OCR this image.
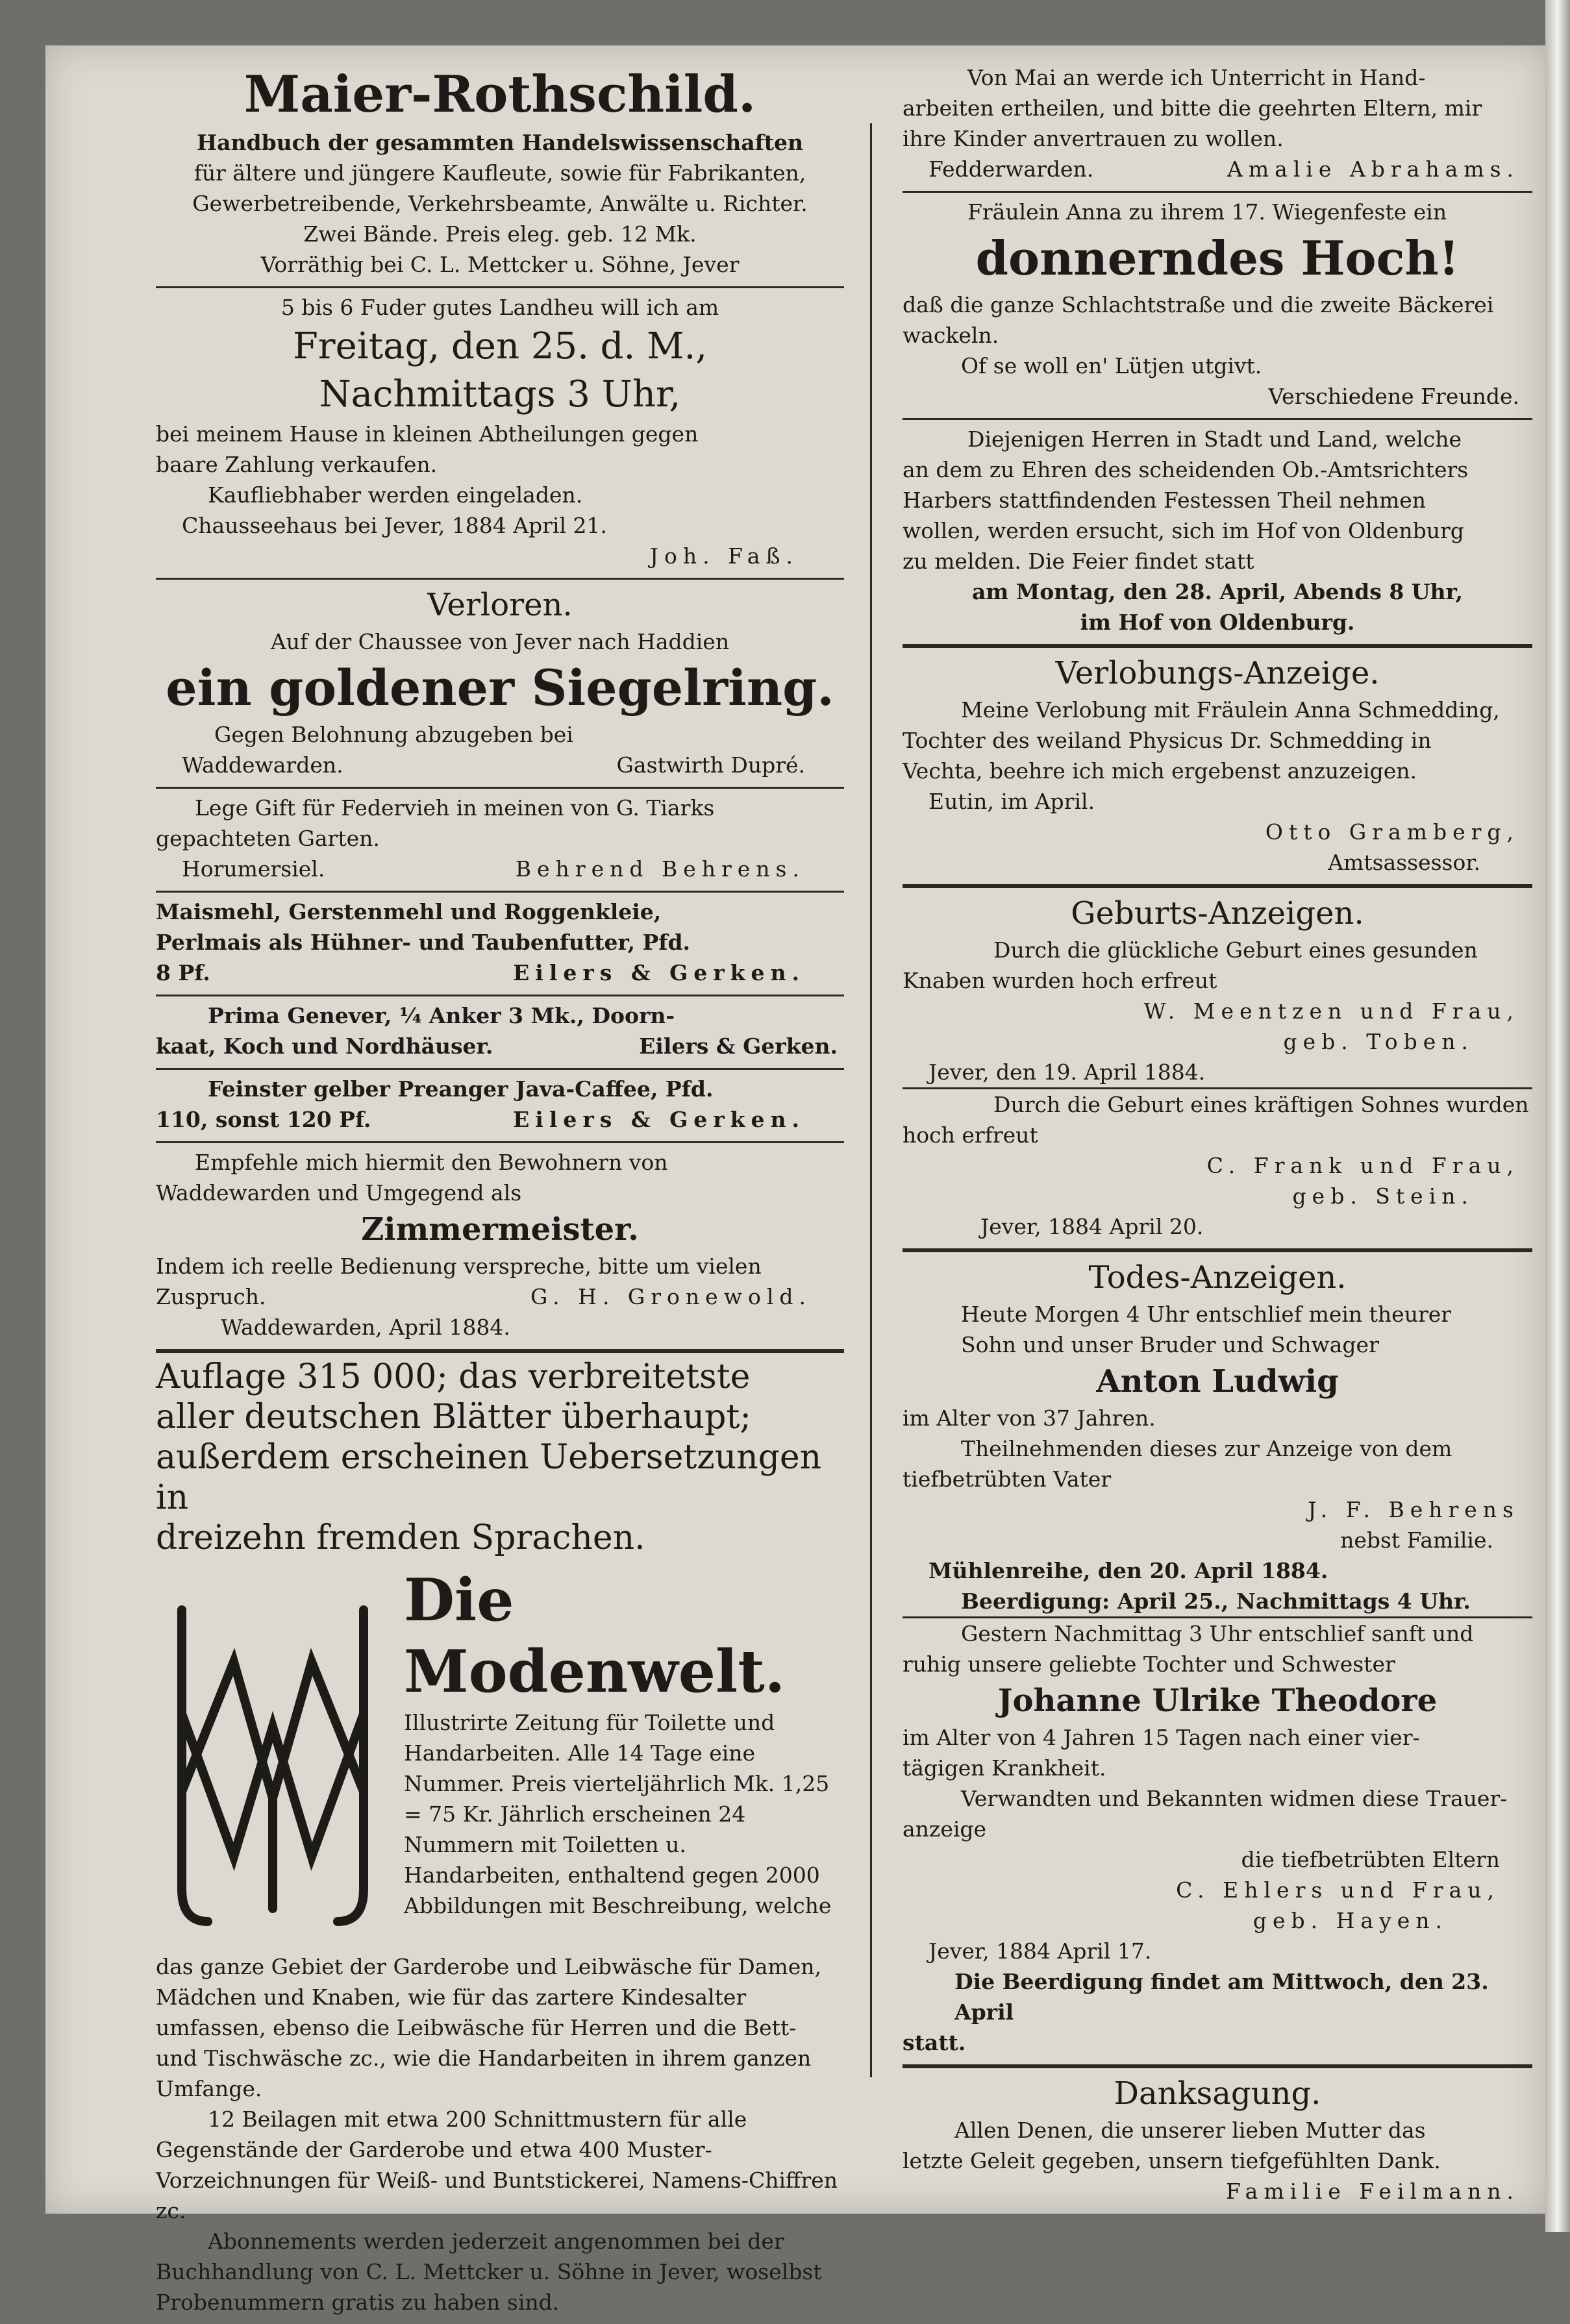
Maier-Rothschild.

Handbuch der gesammten Handelswissenschaften

für ältere und jüngere Kaufleute, sowie für Fabrikanten,

Gewerbetreibende, Verkehrsbeamte, Anwälte u. Richter.

Zwei Bände. Preis eleg. geb. 12 Mk.

Vorräthig bei C. L. Mettcker u. Söhne, Jever

5 bis 6 Fuder gutes Landheu will ich am

Freitag, den 25. d. M.,

Nachmittags 3 Uhr,

bei meinem Hause in kleinen Abtheilungen gegen

baare Zahlung verkaufen.

Kaufliebhaber werden eingeladen.

Chausseehaus bei Jever, 1884 April 21.

Joh. Faß.

Verloren.

Auf der Chaussee von Jever nach Haddien

ein goldener Siegelring.

Gegen Belohnung abzugeben bei

Waddewarden.	Gastwirth Dupré.

Lege Gift für Federvieh in meinen von G. Tiarks

gepachteten Garten.

Horumersiel.	Behrend Behrens.

Maismehl, Gerstenmehl und Roggenkleie,

Perlmais als Hühner- und Taubenfutter, Pfd.

8 Pf.	Eilers & Gerken.

Prima Genever, ¼ Anker 3 Mk., Doorn-

kaat, Koch und Nordhäuser.	Eilers & Gerken.

Feinster gelber Preanger Java-Caffee, Pfd.

110, sonst 120 Pf.	Eilers & Gerken.

Empfehle mich hiermit den Bewohnern von

Waddewarden und Umgegend als

Zimmermeister.

Indem ich reelle Bedienung verspreche, bitte um vielen

Zuspruch.	G. H. Gronewold.

Waddewarden, April 1884.

Auflage 315 000; das verbreitetste

aller deutschen Blätter überhaupt;

außerdem erscheinen Uebersetzungen in

dreizehn fremden Sprachen.

Die Modenwelt.

Illustrirte Zeitung für Toilette und Handarbeiten. Alle 14 Tage eine Nummer. Preis vierteljährlich Mk. 1,25 = 75 Kr. Jährlich erscheinen 24 Nummern mit Toiletten u. Handarbeiten, enthaltend gegen 2000 Abbildungen mit Beschreibung, welche

das ganze Gebiet der Garderobe und Leibwäsche für Damen, Mädchen und Knaben, wie für das zartere Kindesalter umfassen, ebenso die Leibwäsche für Herren und die Bett- und Tischwäsche zc., wie die Handarbeiten in ihrem ganzen Umfange.

12 Beilagen mit etwa 200 Schnittmustern für alle Gegenstände der Garderobe und etwa 400 Muster-Vorzeichnungen für Weiß- und Buntstickerei, Namens-Chiffren zc.

Abonnements werden jederzeit angenommen bei der Buchhandlung von C. L. Mettcker u. Söhne in Jever, woselbst Probenummern gratis zu haben sind.

Von Mai an werde ich Unterricht in Hand-

arbeiten ertheilen, und bitte die geehrten Eltern, mir

ihre Kinder anvertrauen zu wollen.

Fedderwarden.	Amalie Abrahams.

Fräulein Anna zu ihrem 17. Wiegenfeste ein

donnerndes Hoch!

daß die ganze Schlachtstraße und die zweite Bäckerei

wackeln.

Of se woll en' Lütjen utgivt.

Verschiedene Freunde.

Diejenigen Herren in Stadt und Land, welche

an dem zu Ehren des scheidenden Ob.-Amtsrichters

Harbers stattfindenden Festessen Theil nehmen

wollen, werden ersucht, sich im Hof von Oldenburg

zu melden. Die Feier findet statt

am Montag, den 28. April, Abends 8 Uhr,

im Hof von Oldenburg.

Verlobungs-Anzeige.

Meine Verlobung mit Fräulein Anna Schmedding,

Tochter des weiland Physicus Dr. Schmedding in

Vechta, beehre ich mich ergebenst anzuzeigen.

Eutin, im April.

Otto Gramberg,

Amtsassessor.

Geburts-Anzeigen.

Durch die glückliche Geburt eines gesunden

Knaben wurden hoch erfreut

W. Meentzen und Frau,

geb. Toben.

Jever, den 19. April 1884.

Durch die Geburt eines kräftigen Sohnes wurden

hoch erfreut

C. Frank und Frau,

geb. Stein.

Jever, 1884 April 20.

Todes-Anzeigen.

Heute Morgen 4 Uhr entschlief mein theurer

Sohn und unser Bruder und Schwager

Anton Ludwig

im Alter von 37 Jahren.

Theilnehmenden dieses zur Anzeige von dem

tiefbetrübten Vater

J. F. Behrens

nebst Familie.

Mühlenreihe, den 20. April 1884.

Beerdigung: April 25., Nachmittags 4 Uhr.

Gestern Nachmittag 3 Uhr entschlief sanft und

ruhig unsere geliebte Tochter und Schwester

Johanne Ulrike Theodore

im Alter von 4 Jahren 15 Tagen nach einer vier-

tägigen Krankheit.

Verwandten und Bekannten widmen diese Trauer-

anzeige

die tiefbetrübten Eltern

C. Ehlers und Frau,

geb. Hayen.

Jever, 1884 April 17.

Die Beerdigung findet am Mittwoch, den 23. April

statt.

Danksagung.

Allen Denen, die unserer lieben Mutter das

letzte Geleit gegeben, unsern tiefgefühlten Dank.

Familie Feilmann.
